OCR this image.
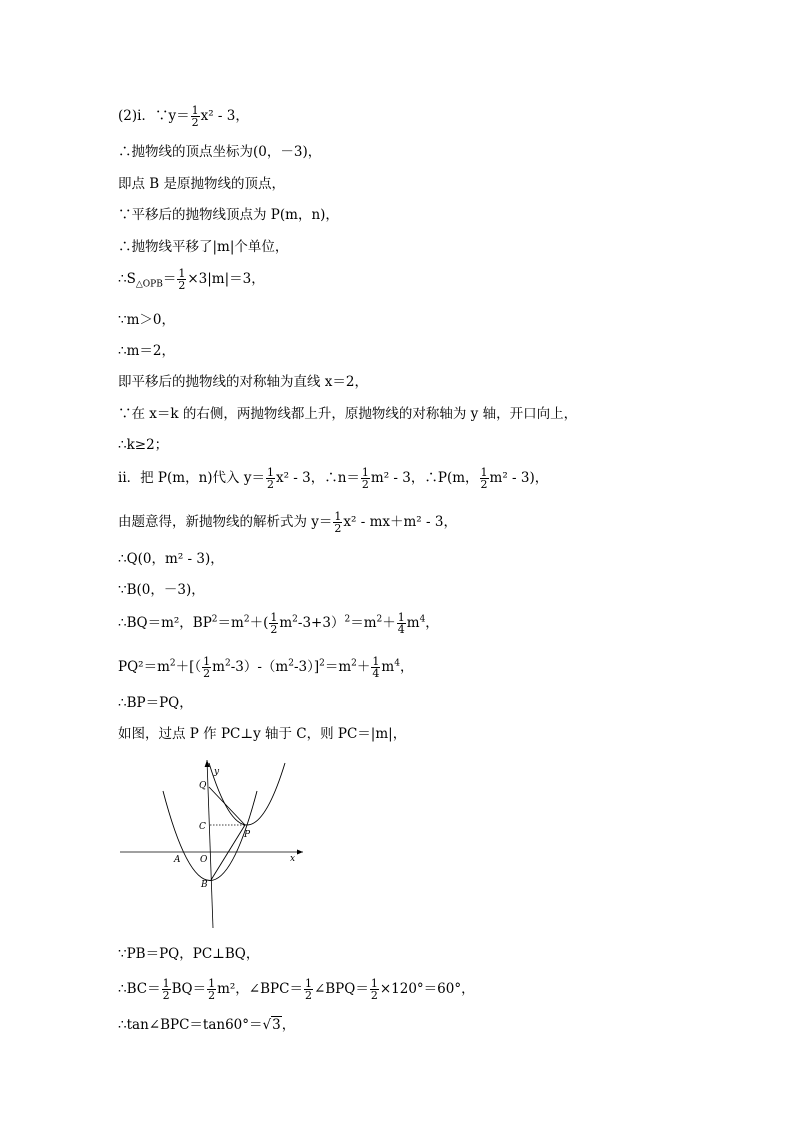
(2)i．∵y＝ $\frac{1}{2} x^2 - 3$，
∴抛物线的顶点坐标为(0，－3)，
即点 B 是原抛物线的顶点，
∵平移后的抛物线顶点为 P(m，n)，
∴抛物线平移了|m|个单位，
$\therefore S_{\triangle OPB}= \frac{1}{2} \times 3|m|=3$，
∵m＞0，
∴m＝2，
即平移后的抛物线的对称轴为直线 x＝2，
∵在 x＝k 的右侧，两抛物线都上升，原抛物线的对称轴为 y 轴，开口向上，
∴k≥2；
ii．把 P(m，n)代入 $y= \frac{1}{2} x^2 - 3$，∴n＝ $\frac{1}{2} m^2 - 3$，∴P(m， $\frac{1}{2} m^2 - 3$)，
由题意得，新抛物线的解析式为 $y= \frac{1}{2} x^2 - mx+m^2 - 3$，
∴Q(0，m² - 3)，
∵B(0，－3)，
∴BQ＝m²，$BP^2=m^2+( \frac{1}{2} m^2-3+3)^2=m^2+ \frac{1}{4} m^4$，
$PQ^2=m^2+[( \frac{1}{2} m^2-3)-(m^2-3)]^2=m^2+ \frac{1}{4} m^4$，
∴BP＝PQ，
如图，过点 P 作 PC⊥y 轴于 C，则 PC＝|m|，
y
x
Q
C
P
A O
B
∵PB＝PQ，PC⊥BQ，
∴BC＝ $\frac{1}{2} BQ= \frac{1}{2} m^2$，∠BPC＝ $\frac{1}{2}$ ∠BPQ＝ $\frac{1}{2} \times 120^\circ=60^\circ$，
∴tan∠BPC＝tan60°＝√3，
